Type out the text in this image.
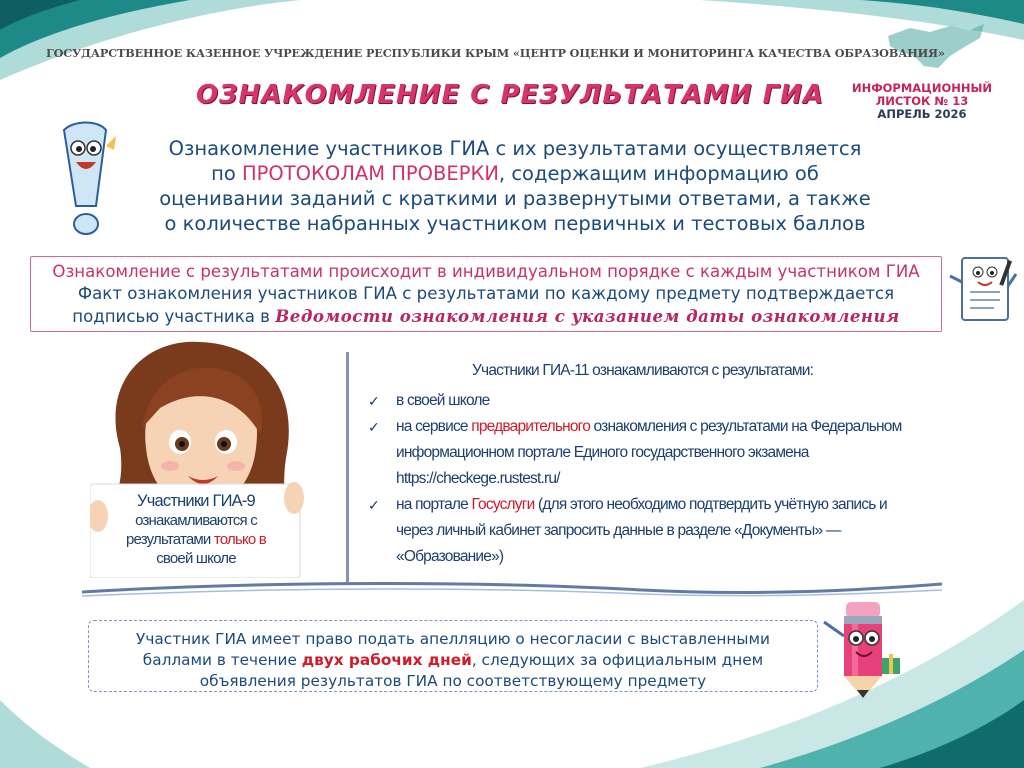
ГОСУДАРСТВЕННОЕ КАЗЕННОЕ УЧРЕЖДЕНИЕ РЕСПУБЛИКИ КРЫМ «ЦЕНТР ОЦЕНКИ И МОНИТОРИНГА КАЧЕСТВА ОБРАЗОВАНИЯ»
ОЗНАКОМЛЕНИЕ С РЕЗУЛЬТАТАМИ ГИА	ИНФОРМАЦИОННЫЙ
ЛИСТОК № 13
АПРЕЛЬ 2026
Ознакомление участников ГИА с их результатами осуществляется
по ПРОТОКОЛАМ ПРОВЕРКИ, содержащим информацию об
оценивании заданий с краткими и развернутыми ответами, а также
о количестве набранных участником первичных и тестовых баллов
Ознакомление с результатами происходит в индивидуальном порядке с каждым участником ГИА
Факт ознакомления участников ГИА с результатами по каждому предмету подтверждается
подписью участника в Ведомости ознакомления с указанием даты ознакомления
Участники ГИА-9
ознакамливаются с
результатами только в
своей школе
Участники ГИА-11 ознакамливаются с результатами:
✓	в своей школе
✓	на сервисе предварительного ознакомления с результатами на Федеральном
информационном портале Единого государственного экзамена
https://checkege.rustest.ru/
✓	на портале Госуслуги (для этого необходимо подтвердить учётную запись и
через личный кабинет запросить данные в разделе «Документы» —
«Образование»)
Участник ГИА имеет право подать апелляцию о несогласии с выставленными
баллами в течение двух рабочих дней, следующих за официальным днем
объявления результатов ГИА по соответствующему предмету
